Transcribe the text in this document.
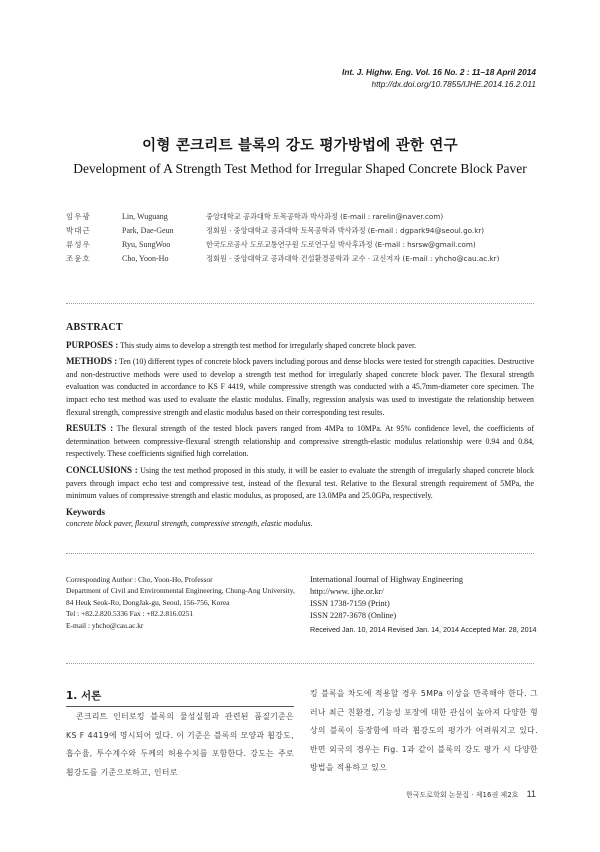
Int. J. Highw. Eng. Vol. 16 No. 2 : 11–18 April 2014
http://dx.doi.org/10.7855/IJHE.2014.16.2.011
이형 콘크리트 블록의 강도 평가방법에 관한 연구
Development of A Strength Test Method for Irregular Shaped Concrete Block Paver
임우광	Lin, Wuguang	중앙대학교 공과대학 토목공학과 박사과정 (E-mail : rarelin@naver.com)
박대근	Park, Dae-Geun	정회원 · 중앙대학교 공과대학 토목공학과 박사과정 (E-mail : dgpark94@seoul.go.kr)
류성우	Ryu, SungWoo	한국도로공사 도로교통연구원 도로연구실 박사후과정 (E-mail : hsrsw@gmail.com)
조윤호	Cho, Yoon-Ho	정회원 · 중앙대학교 공과대학 건설환경공학과 교수 · 교신저자 (E-mail : yhcho@cau.ac.kr)
ABSTRACT

PURPOSES : This study aims to develop a strength test method for irregularly shaped concrete block paver.

METHODS : Ten (10) different types of concrete block pavers including porous and dense blocks were tested for strength capacities. Destructive and non-destructive methods were used to develop a strength test method for irregularly shaped concrete block paver. The flexural strength evaluation was conducted in accordance to KS F 4419, while compressive strength was conducted with a 45.7mm-diameter core specimen. The impact echo test method was used to evaluate the elastic modulus. Finally, regression analysis was used to investigate the relationship between flexural strength, compressive strength and elastic modulus based on their corresponding test results.

RESULTS : The flexural strength of the tested block pavers ranged from 4MPa to 10MPa. At 95% confidence level, the coefficients of determination between compressive-flexural strength relationship and compressive strength-elastic modulus relationship were 0.94 and 0.84, respectively. These coefficients signified high correlation.

CONCLUSIONS : Using the test method proposed in this study, it will be easier to evaluate the strength of irregularly shaped concrete block pavers through impact echo test and compressive test, instead of the flexural test. Relative to the flexural strength requirement of 5MPa, the minimum values of compressive strength and elastic modulus, as proposed, are 13.0MPa and 25.0GPa, respectively.

Keywords
concrete block paver, flexural strength, compressive strength, elastic modulus.
Corresponding Author : Cho, Yoon-Ho, Professor
Department of Civil and Environmental Engineering, Chung-Ang University,
84 Heuk Seok-Ro, DongJak-gu, Seoul, 156-756, Korea
Tel : +82.2.820.5336 Fax : +82.2.816.0251
E-mail : yhcho@cau.ac.kr
International Journal of Highway Engineering
http://www. ijhe.or.kr/
ISSN 1738-7159 (Print)
ISSN 2287-3678 (Online)
Received Jan. 10, 2014 Revised Jan. 14, 2014 Accepted Mar. 28, 2014
1. 서론
콘크리트 인터로킹 블록의 물성실험과 관련된 품질기준은 KS F 4419에 명시되어 있다. 이 기준은 블록의 모양과 휨강도, 흡수율, 투수계수와 두께의 허용수치를 포함한다. 강도는 주로 휨강도를 기준으로하고, 인터로
킹 블록을 차도에 적용할 경우 5MPa 이상을 만족해야 한다. 그러나 최근 친환경, 기능성 포장에 대한 관심이 높아져 다양한 형상의 블록이 등장함에 따라 휨강도의 평가가 어려워지고 있다. 반면 외국의 경우는 Fig. 1과 같이 블록의 강도 평가 시 다양한 방법을 적용하고 있으
한국도로학회 논문집 · 제16권 제2호 11
